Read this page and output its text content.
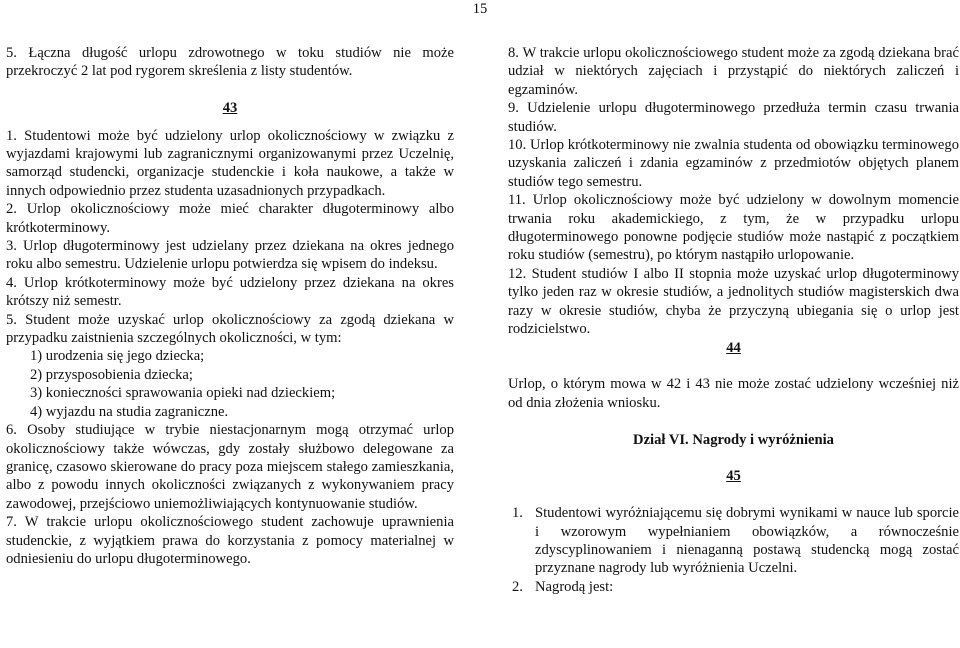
15

5. Łączna długość urlopu zdrowotnego w toku studiów nie może przekroczyć 2 lat pod rygorem skreślenia z listy studentów.

43

1. Studentowi może być udzielony urlop okolicznościowy w związku z wyjazdami krajowymi lub zagranicznymi organizowanymi przez Uczelnię, samorząd studencki, organizacje studenckie i koła naukowe, a także w innych odpowiednio przez studenta uzasadnionych przypadkach.

2. Urlop okolicznościowy może mieć charakter długoterminowy albo krótkoterminowy.

3. Urlop długoterminowy jest udzielany przez dziekana na okres jednego roku albo semestru. Udzielenie urlopu potwierdza się wpisem do indeksu.

4. Urlop krótkoterminowy może być udzielony przez dziekana na okres krótszy niż semestr.

5. Student może uzyskać urlop okolicznościowy za zgodą dziekana w przypadku zaistnienia szczególnych okoliczności, w tym:

1) urodzenia się jego dziecka;

2) przysposobienia dziecka;

3) konieczności sprawowania opieki nad dzieckiem;

4) wyjazdu na studia zagraniczne.

6. Osoby studiujące w trybie niestacjonarnym mogą otrzymać urlop okolicznościowy także wówczas, gdy zostały służbowo delegowane za granicę, czasowo skierowane do pracy poza miejscem stałego zamieszkania, albo z powodu innych okoliczności związanych z wykonywaniem pracy zawodowej, przejściowo uniemożliwiających kontynuowanie studiów.

7. W trakcie urlopu okolicznościowego student zachowuje uprawnienia studenckie, z wyjątkiem prawa do korzystania z pomocy materialnej w odniesieniu do urlopu długoterminowego.

8. W trakcie urlopu okolicznościowego student może za zgodą dziekana brać udział w niektórych zajęciach i przystąpić do niektórych zaliczeń i egzaminów.

9. Udzielenie urlopu długoterminowego przedłuża termin czasu trwania studiów.

10. Urlop krótkoterminowy nie zwalnia studenta od obowiązku terminowego uzyskania zaliczeń i zdania egzaminów z przedmiotów objętych planem studiów tego semestru.

11. Urlop okolicznościowy może być udzielony w dowolnym momencie trwania roku akademickiego, z tym, że w przypadku urlopu długoterminowego ponowne podjęcie studiów może nastąpić z początkiem roku studiów (semestru), po którym nastąpiło urlopowanie.

12. Student studiów I albo II stopnia może uzyskać urlop długoterminowy tylko jeden raz w okresie studiów, a jednolitych studiów magisterskich dwa razy w okresie studiów, chyba że przyczyną ubiegania się o urlop jest rodzicielstwo.

44

Urlop, o którym mowa w 42 i 43 nie może zostać udzielony wcześniej niż od dnia złożenia wniosku.

Dział VI. Nagrody i wyróżnienia

45

1. Studentowi wyróżniającemu się dobrymi wynikami w nauce lub sporcie i wzorowym wypełnianiem obowiązków, a równocześnie zdyscyplinowaniem i nienaganną postawą studencką mogą zostać przyznane nagrody lub wyróżnienia Uczelni.
2. Nagrodą jest:
